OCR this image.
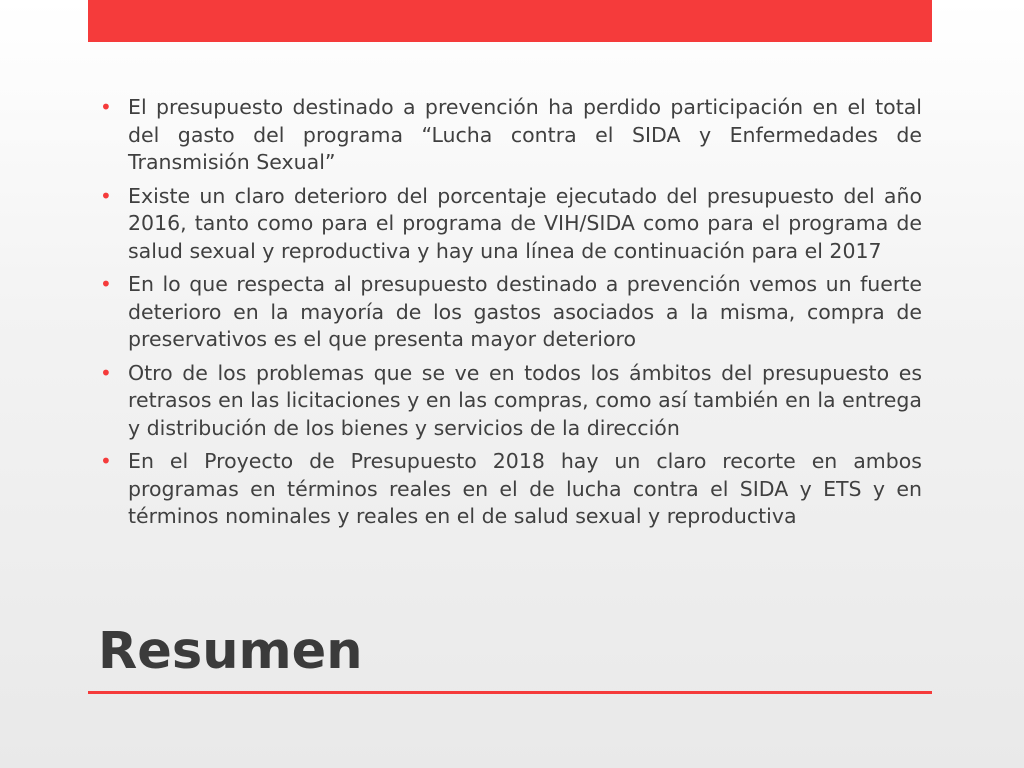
• El presupuesto destinado a prevención ha perdido participación en el total del gasto del programa “Lucha contra el SIDA y Enfermedades de Transmisión Sexual”
• Existe un claro deterioro del porcentaje ejecutado del presupuesto del año 2016, tanto como para el programa de VIH/SIDA como para el programa de salud sexual y reproductiva y hay una línea de continuación para el 2017
• En lo que respecta al presupuesto destinado a prevención vemos un fuerte deterioro en la mayoría de los gastos asociados a la misma, compra de preservativos es el que presenta mayor deterioro
• Otro de los problemas que se ve en todos los ámbitos del presupuesto es retrasos en las licitaciones y en las compras, como así también en la entrega y distribución de los bienes y servicios de la dirección
• En el Proyecto de Presupuesto 2018 hay un claro recorte en ambos programas en términos reales en el de lucha contra el SIDA y ETS y en términos nominales y reales en el de salud sexual y reproductiva
Resumen
